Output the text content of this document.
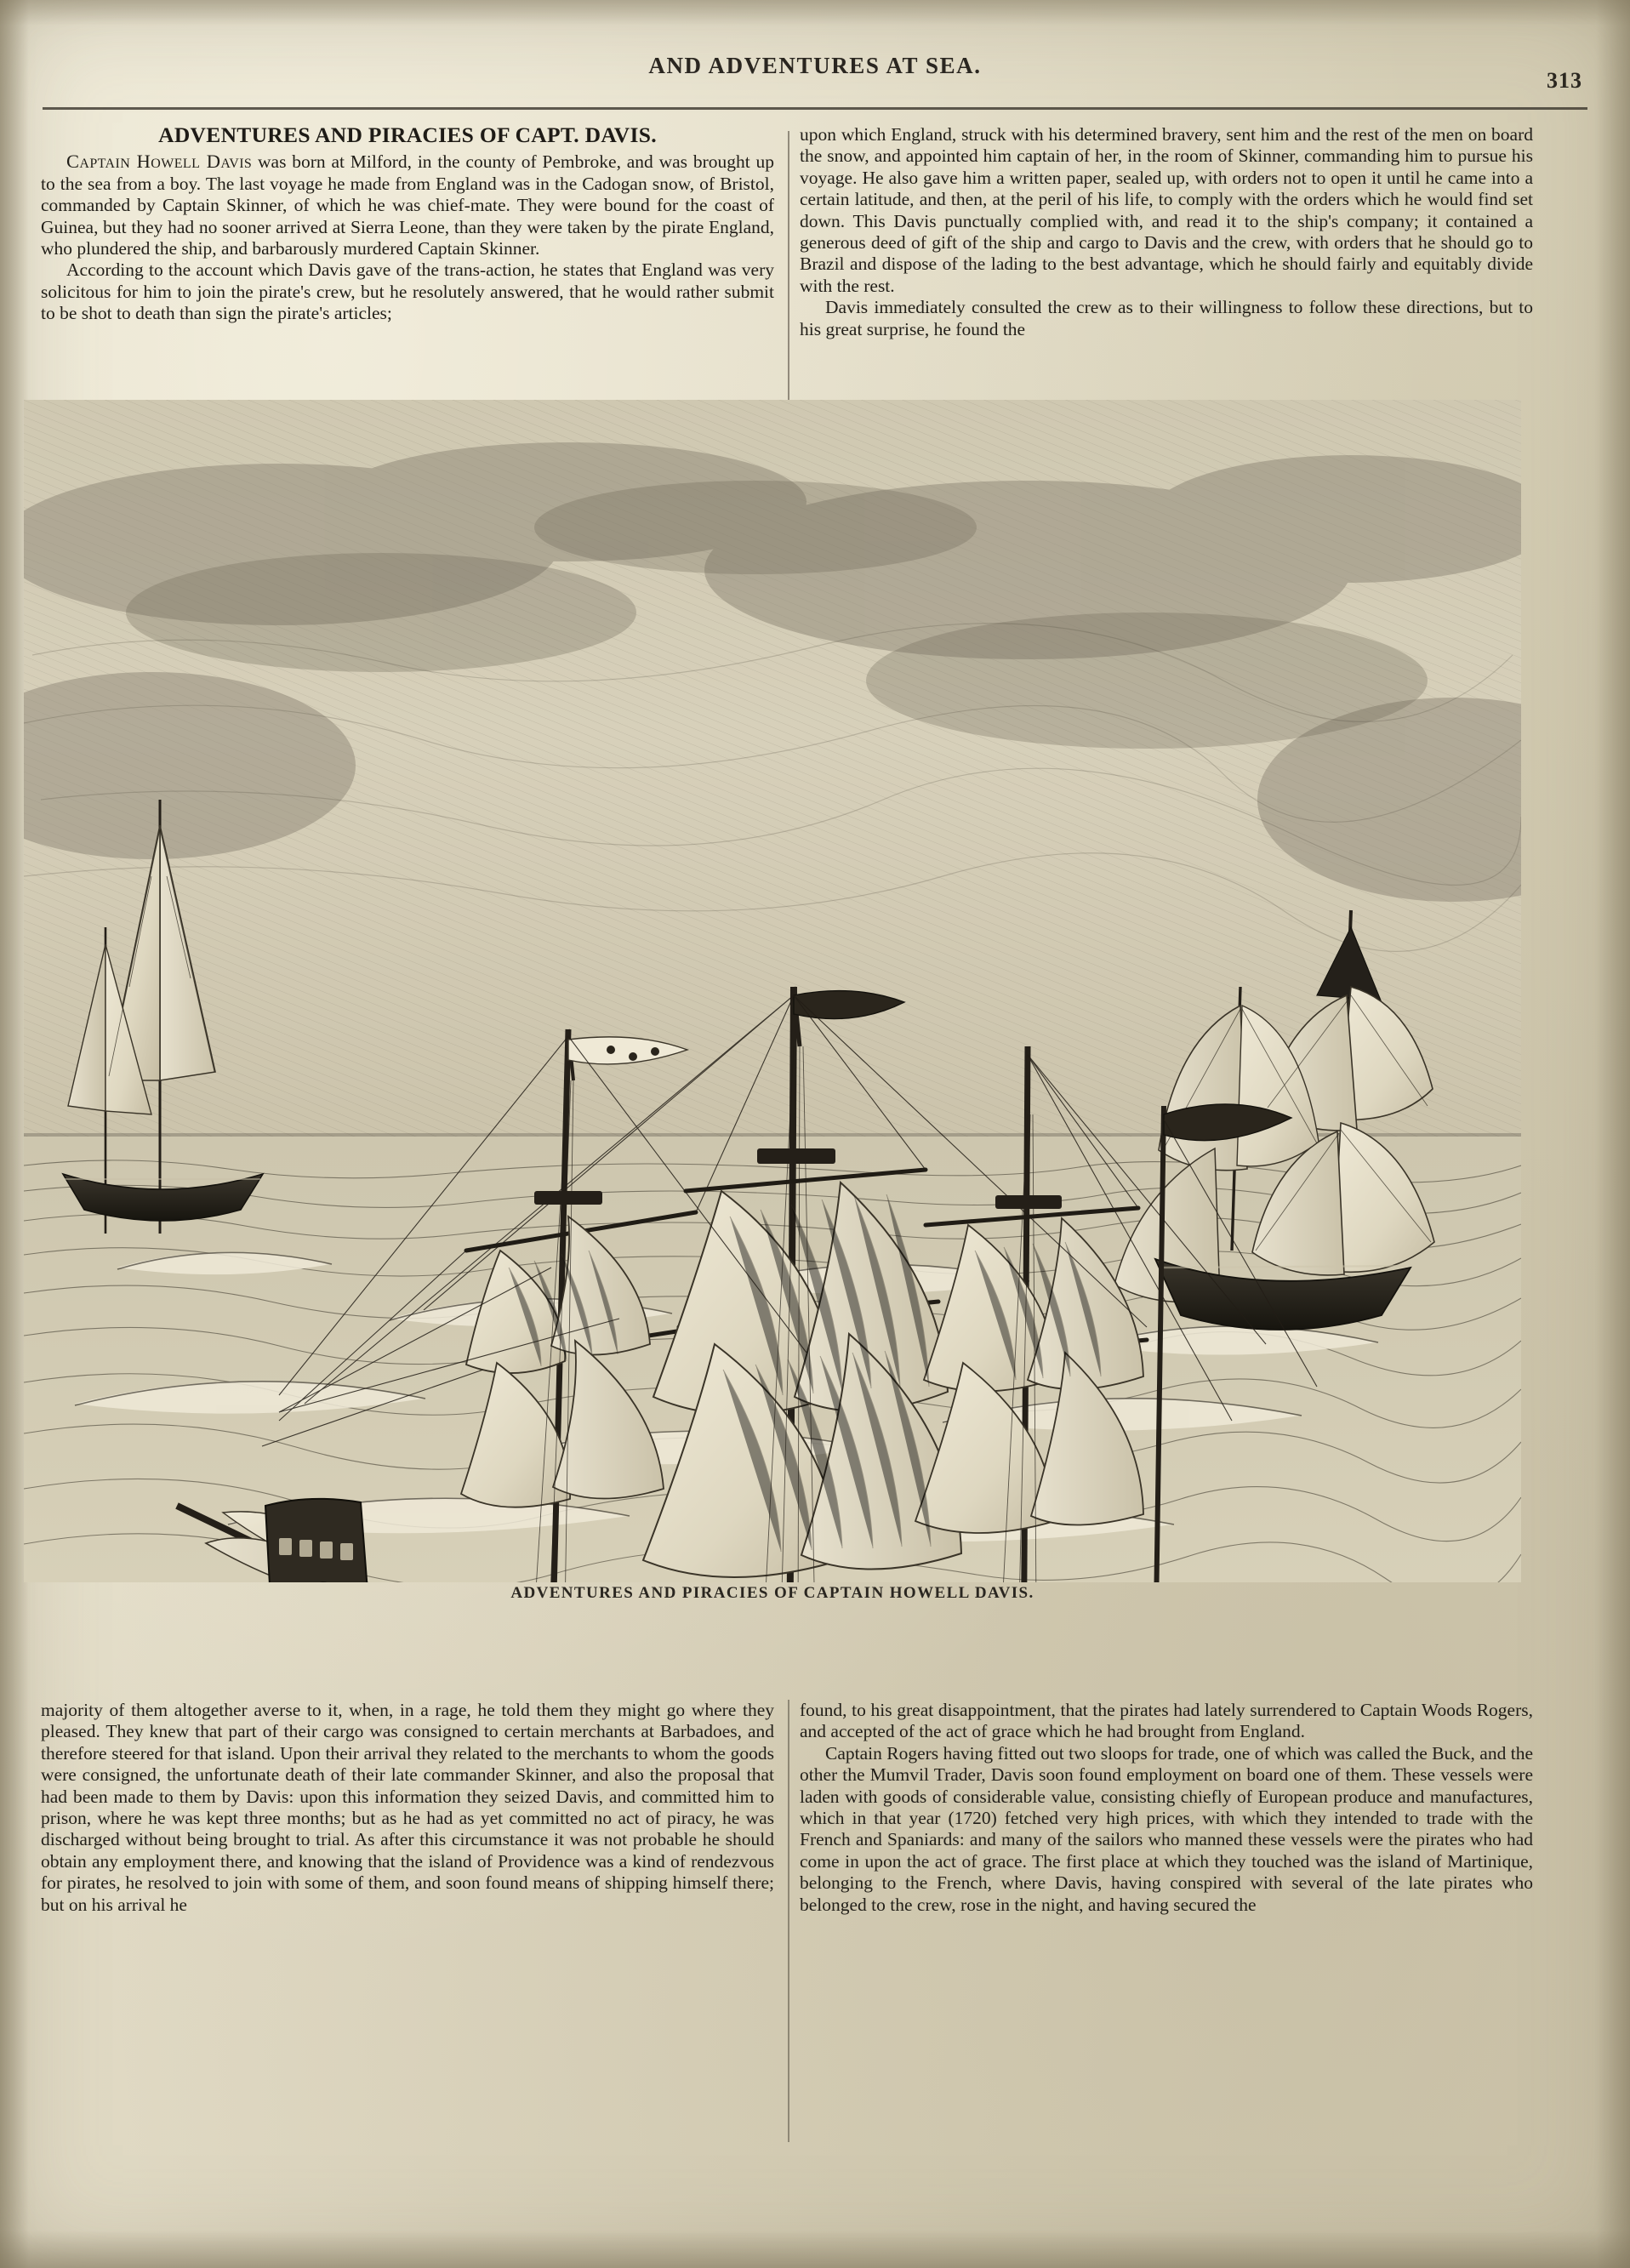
AND ADVENTURES AT SEA.
313
ADVENTURES AND PIRACIES OF CAPT. DAVIS.

Captain Howell Davis was born at Milford, in the county of Pembroke, and was brought up to the sea from a boy. The last voyage he made from England was in the Cadogan snow, of Bristol, commanded by Captain Skinner, of which he was chief-mate. They were bound for the coast of Guinea, but they had no sooner arrived at Sierra Leone, than they were taken by the pirate England, who plundered the ship, and barbarously murdered Captain Skinner.

According to the account which Davis gave of the trans-action, he states that England was very solicitous for him to join the pirate's crew, but he resolutely answered, that he would rather submit to be shot to death than sign the pirate's articles;

upon which England, struck with his determined bravery, sent him and the rest of the men on board the snow, and appointed him captain of her, in the room of Skinner, commanding him to pursue his voyage. He also gave him a written paper, sealed up, with orders not to open it until he came into a certain latitude, and then, at the peril of his life, to comply with the orders which he would find set down. This Davis punctually complied with, and read it to the ship's company; it contained a generous deed of gift of the ship and cargo to Davis and the crew, with orders that he should go to Brazil and dispose of the lading to the best advantage, which he should fairly and equitably divide with the rest.

Davis immediately consulted the crew as to their willingness to follow these directions, but to his great surprise, he found the

ADVENTURES AND PIRACIES OF CAPTAIN HOWELL DAVIS.

majority of them altogether averse to it, when, in a rage, he told them they might go where they pleased. They knew that part of their cargo was consigned to certain merchants at Barbadoes, and therefore steered for that island. Upon their arrival they related to the merchants to whom the goods were consigned, the unfortunate death of their late commander Skinner, and also the proposal that had been made to them by Davis: upon this information they seized Davis, and committed him to prison, where he was kept three months; but as he had as yet committed no act of piracy, he was discharged without being brought to trial. As after this circumstance it was not probable he should obtain any employment there, and knowing that the island of Providence was a kind of rendezvous for pirates, he resolved to join with some of them, and soon found means of shipping himself there; but on his arrival he

found, to his great disappointment, that the pirates had lately surrendered to Captain Woods Rogers, and accepted of the act of grace which he had brought from England.

Captain Rogers having fitted out two sloops for trade, one of which was called the Buck, and the other the Mumvil Trader, Davis soon found employment on board one of them. These vessels were laden with goods of considerable value, consisting chiefly of European produce and manufactures, which in that year (1720) fetched very high prices, with which they intended to trade with the French and Spaniards: and many of the sailors who manned these vessels were the pirates who had come in upon the act of grace. The first place at which they touched was the island of Martinique, belonging to the French, where Davis, having conspired with several of the late pirates who belonged to the crew, rose in the night, and having secured the
